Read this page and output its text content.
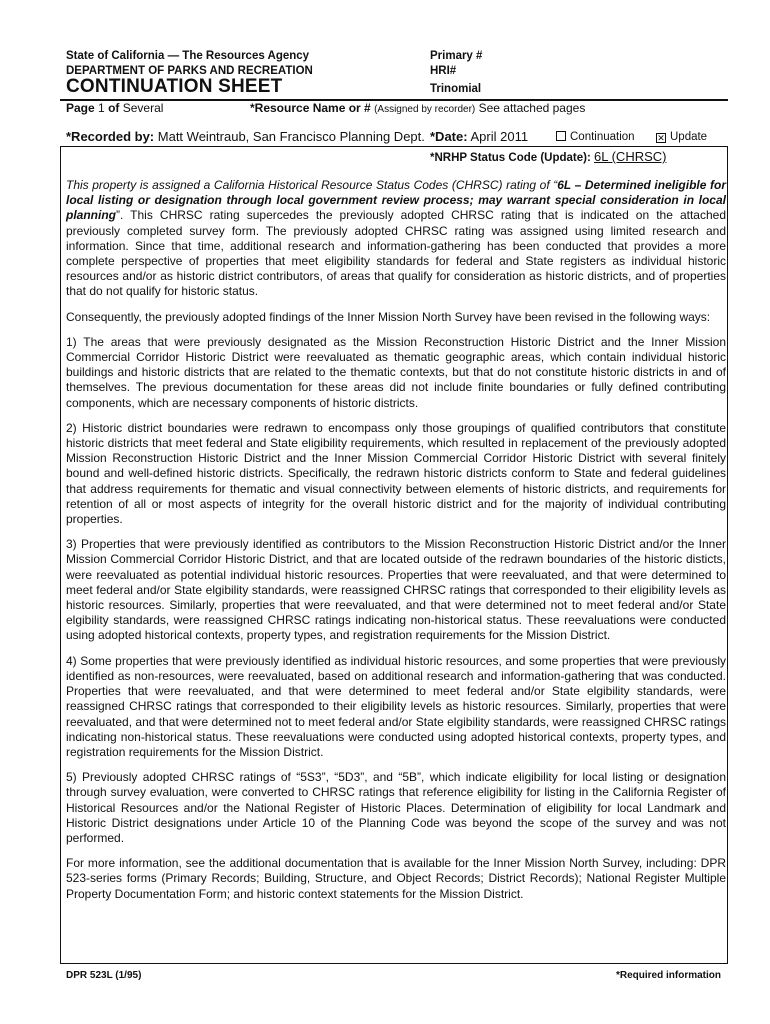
State of California — The Resources Agency
DEPARTMENT OF PARKS AND RECREATION
Primary #
HRI#
CONTINUATION SHEET	Trinomial
Page 1 of Several	*Resource Name or # (Assigned by recorder) See attached pages
*Recorded by: Matt Weintraub, San Francisco Planning Dept. *Date: April 2011	Continuation	✕ Update
*NRHP Status Code (Update): 6L (CHRSC)

This property is assigned a California Historical Resource Status Codes (CHRSC) rating of “6L – Determined ineligible for local listing or designation through local government review process; may warrant special consideration in local planning”. This CHRSC rating supercedes the previously adopted CHRSC rating that is indicated on the attached previously completed survey form. The previously adopted CHRSC rating was assigned using limited research and information. Since that time, additional research and information-gathering has been conducted that provides a more complete perspective of properties that meet eligibility standards for federal and State registers as individual historic resources and/or as historic district contributors, of areas that qualify for consideration as historic districts, and of properties that do not qualify for historic status.

Consequently, the previously adopted findings of the Inner Mission North Survey have been revised in the following ways:

1) The areas that were previously designated as the Mission Reconstruction Historic District and the Inner Mission Commercial Corridor Historic District were reevaluated as thematic geographic areas, which contain individual historic buildings and historic districts that are related to the thematic contexts, but that do not constitute historic districts in and of themselves. The previous documentation for these areas did not include finite boundaries or fully defined contributing components, which are necessary components of historic districts.

2) Historic district boundaries were redrawn to encompass only those groupings of qualified contributors that constitute historic districts that meet federal and State eligibility requirements, which resulted in replacement of the previously adopted Mission Reconstruction Historic District and the Inner Mission Commercial Corridor Historic District with several finitely bound and well-defined historic districts. Specifically, the redrawn historic districts conform to State and federal guidelines that address requirements for thematic and visual connectivity between elements of historic districts, and requirements for retention of all or most aspects of integrity for the overall historic district and for the majority of individual contributing properties.

3) Properties that were previously identified as contributors to the Mission Reconstruction Historic District and/or the Inner Mission Commercial Corridor Historic District, and that are located outside of the redrawn boundaries of the historic disticts, were reevaluated as potential individual historic resources. Properties that were reevaluated, and that were determined to meet federal and/or State elgibility standards, were reassigned CHRSC ratings that corresponded to their eligibility levels as historic resources. Similarly, properties that were reevaluated, and that were determined not to meet federal and/or State elgibility standards, were reassigned CHRSC ratings indicating non-historical status. These reevaluations were conducted using adopted historical contexts, property types, and registration requirements for the Mission District.

4) Some properties that were previously identified as individual historic resources, and some properties that were previously identified as non-resources, were reevaluated, based on additional research and information-gathering that was conducted. Properties that were reevaluated, and that were determined to meet federal and/or State elgibility standards, were reassigned CHRSC ratings that corresponded to their eligibility levels as historic resources. Similarly, properties that were reevaluated, and that were determined not to meet federal and/or State elgibility standards, were reassigned CHRSC ratings indicating non-historical status. These reevaluations were conducted using adopted historical contexts, property types, and registration requirements for the Mission District.

5) Previously adopted CHRSC ratings of “5S3”, “5D3”, and “5B”, which indicate eligibility for local listing or designation through survey evaluation, were converted to CHRSC ratings that reference eligibility for listing in the California Register of Historical Resources and/or the National Register of Historic Places. Determination of eligibility for local Landmark and Historic District designations under Article 10 of the Planning Code was beyond the scope of the survey and was not performed.

For more information, see the additional documentation that is available for the Inner Mission North Survey, including: DPR 523-series forms (Primary Records; Building, Structure, and Object Records; District Records); National Register Multiple Property Documentation Form; and historic context statements for the Mission District.

DPR 523L (1/95)	*Required information
